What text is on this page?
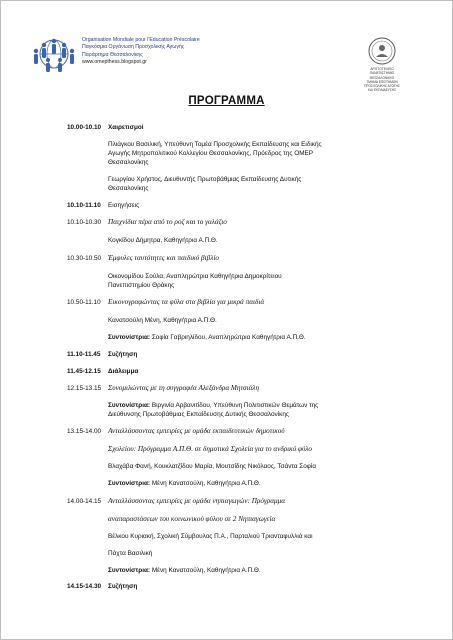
Organisation Mondiale pour l'Education Préscolaire
Παγκόσμια Οργάνωση Προσχολικής Αγωγής
Παράρτημα Θεσσαλονίκης
www.omepthess.blogspot.gr
ΑΡΙΣΤΟΤΕΛΕΙΟ
ΠΑΝΕΠΙΣΤΗΜΙΟ
ΘΕΣΣΑΛΟΝΙΚΗΣ
ΤΜΗΜΑ ΕΠΙΣΤΗΜΩΝ
ΠΡΟΣΧΟΛΙΚΗΣ ΑΓΩΓΗΣ
ΚΑΙ ΕΚΠΑΙΔΕΥΣΗΣ
ΠΡΟΓΡΑΜΜΑ
10.00-10.10 Χαιρετισμοί
Πλιάγκου Βασιλική, Υπεύθυνη Τομέα Προσχολικής Εκπαίδευσης και Ειδικής
Αγωγής Μητροπολιτικού Κολλεγίου Θεσσαλονίκης, Πρόεδρος της ΟΜΕΡ
Θεσσαλονίκης
Γεωργίου Χρήστος, Διευθυντής Πρωτοβάθμιας Εκπαίδευσης Δυτικής
Θεσσαλονίκης
10.10-11.10 Εισηγήσεις
10.10-10.30 Παιχνίδια πέρα από το ροζ και το γαλάζιο
Κογκίδου Δήμητρα, Καθηγήτρια Α.Π.Θ.
10.30-10.50 Έμφυλες ταυτότητες και παιδικό βιβλίο
Οικονομίδου Σούλα, Αναπληρώτρια Καθηγήτρια Δημοκρίτειου
Πανεπιστημίου Θράκης
10.50-11.10 Εικονογραφώντας τα φύλα στα βιβλία για μικρά παιδιά
Κανατσούλη Μένη, Καθηγήτρια Α.Π.Θ.
Συντονίστρια: Σοφία Γαβριηλίδου, Αναπληρώτρια Καθηγήτρια Α.Π.Θ.
11.10-11.45 Συζήτηση
11.45-12.15 Διάλειμμα
12.15-13.15 Συνομιλώντας με τη συγγραφέα Αλεξάνδρα Μητσιάλη
Συντονίστρια: Βιργινία Αρβανιτίδου, Υπεύθυνη Πολιτιστικών Θεμάτων της
Διεύθυνσης Πρωτοβάθμιας Εκπαίδευσης Δυτικής Θεσσαλονίκης
13.15-14.00 Ανταλλάσσοντας εμπειρίες με ομάδα εκπαιδευτικών δημοτικού
Σχολείου: Πρόγραμμα Α.Π.Θ. σε δημοτικά Σχολεία για το ανδρικό φύλο
Βλαχάβα Φανή, Κουκλατζίδου Μαρία, Μουτσίδης Νικόλαος, Τσάντα Σοφία
Συντονίστρια: Μένη Κανατσούλη, Καθηγήτρια Α.Π.Θ.
14.00-14.15 Ανταλλάσσοντας εμπειρίες με ομάδα νηπιαγωγών: Πρόγραμμα
αναπαραστάσεων του κοινωνικού φύλου σε 2 Νηπιαγωγεία
Βέλκου Κυριακή, Σχολική Σύμβουλος Π.Α., Παρταλιού Τριανταφυλλιά και
Πάχτα Βασιλική
Συντονίστρια: Μένη Κανατσούλη, Καθηγήτρια Α.Π.Θ.
14.15-14.30 Συζήτηση
